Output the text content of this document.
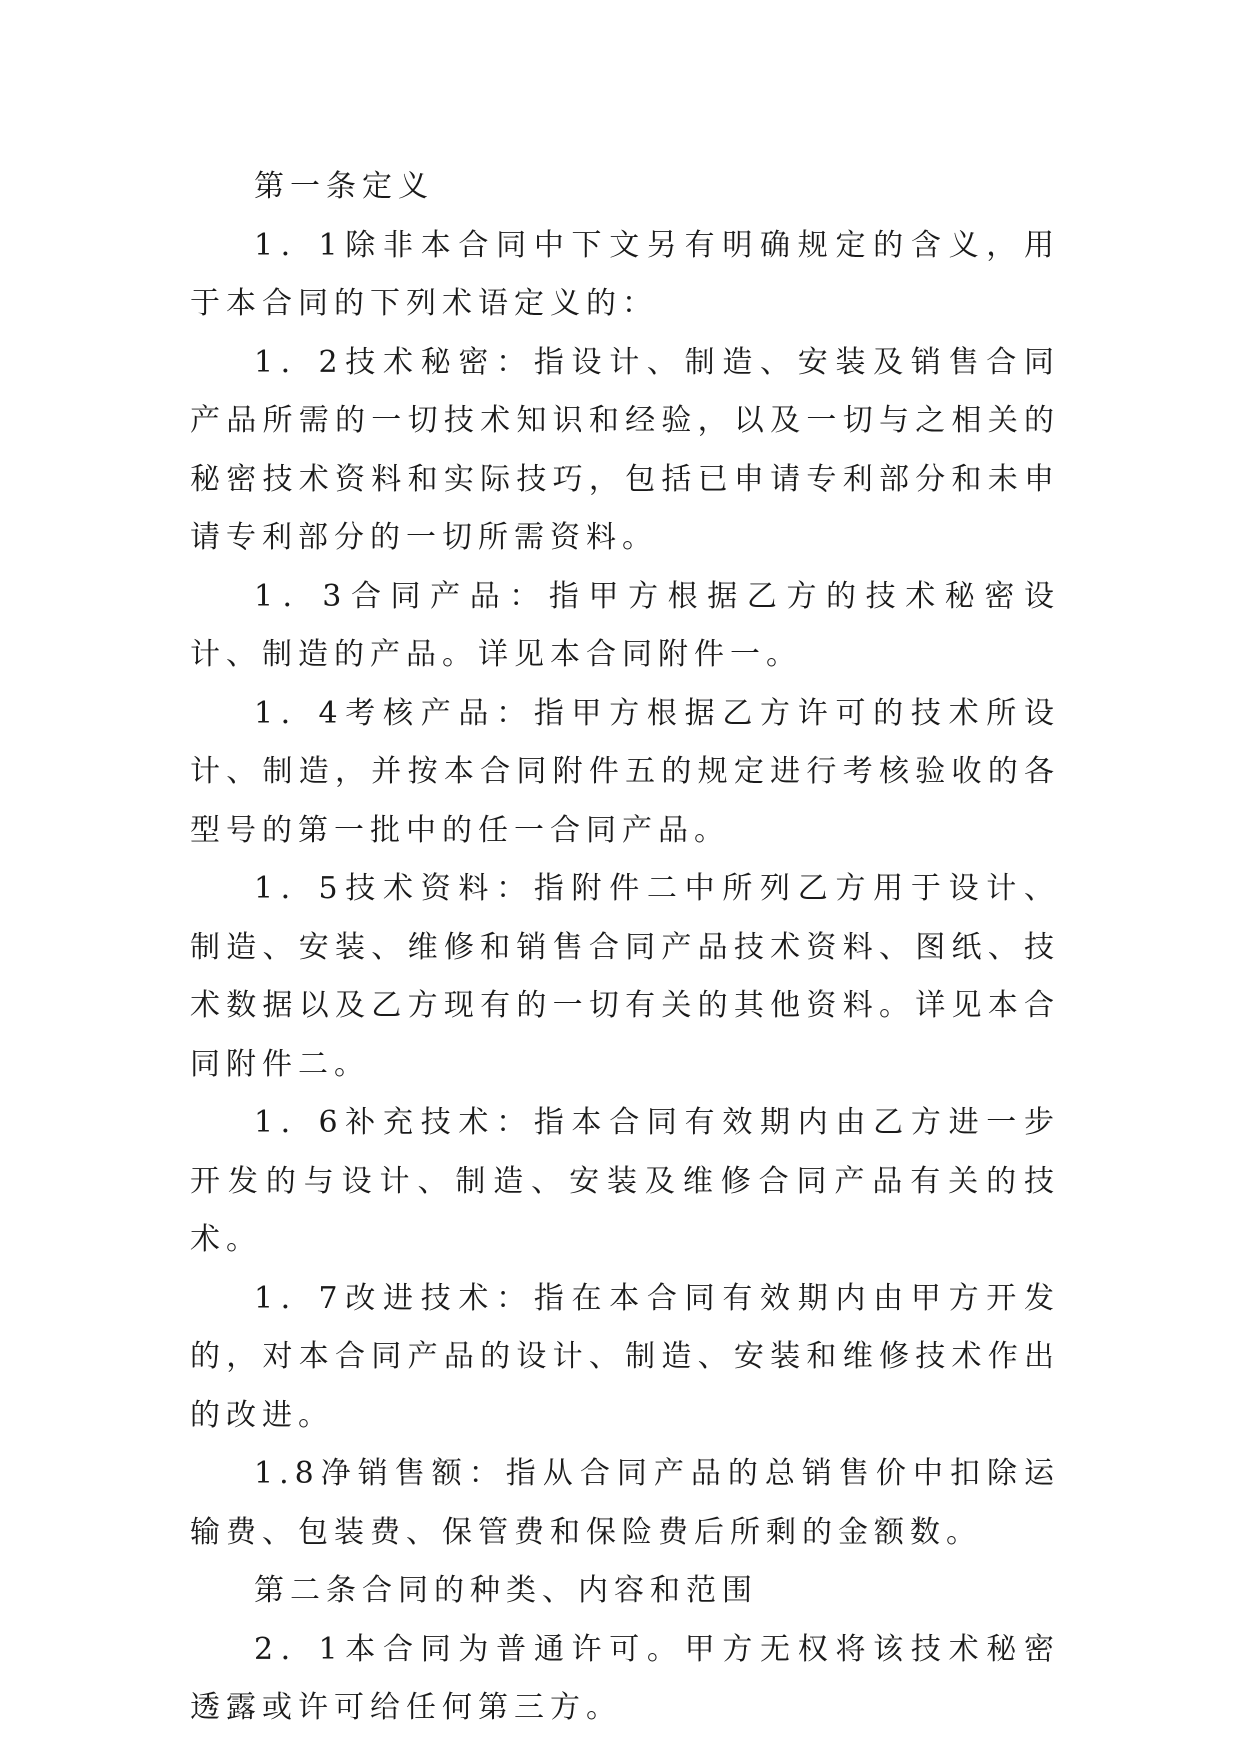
第一条定义

1．1除非本合同中下文另有明确规定的含义，用于本合同的下列术语定义的：

1．2技术秘密：指设计、制造、安装及销售合同产品所需的一切技术知识和经验，以及一切与之相关的秘密技术资料和实际技巧，包括已申请专利部分和未申请专利部分的一切所需资料。

1．3合同产品：指甲方根据乙方的技术秘密设计、制造的产品。详见本合同附件一。

1．4考核产品：指甲方根据乙方许可的技术所设计、制造，并按本合同附件五的规定进行考核验收的各型号的第一批中的任一合同产品。

1．5技术资料：指附件二中所列乙方用于设计、制造、安装、维修和销售合同产品技术资料、图纸、技术数据以及乙方现有的一切有关的其他资料。详见本合同附件二。

1．6补充技术：指本合同有效期内由乙方进一步开发的与设计、制造、安装及维修合同产品有关的技术。

1．7改进技术：指在本合同有效期内由甲方开发的，对本合同产品的设计、制造、安装和维修技术作出的改进。

1.8净销售额：指从合同产品的总销售价中扣除运输费、包装费、保管费和保险费后所剩的金额数。

第二条合同的种类、内容和范围

2．1本合同为普通许可。甲方无权将该技术秘密透露或许可给任何第三方。
